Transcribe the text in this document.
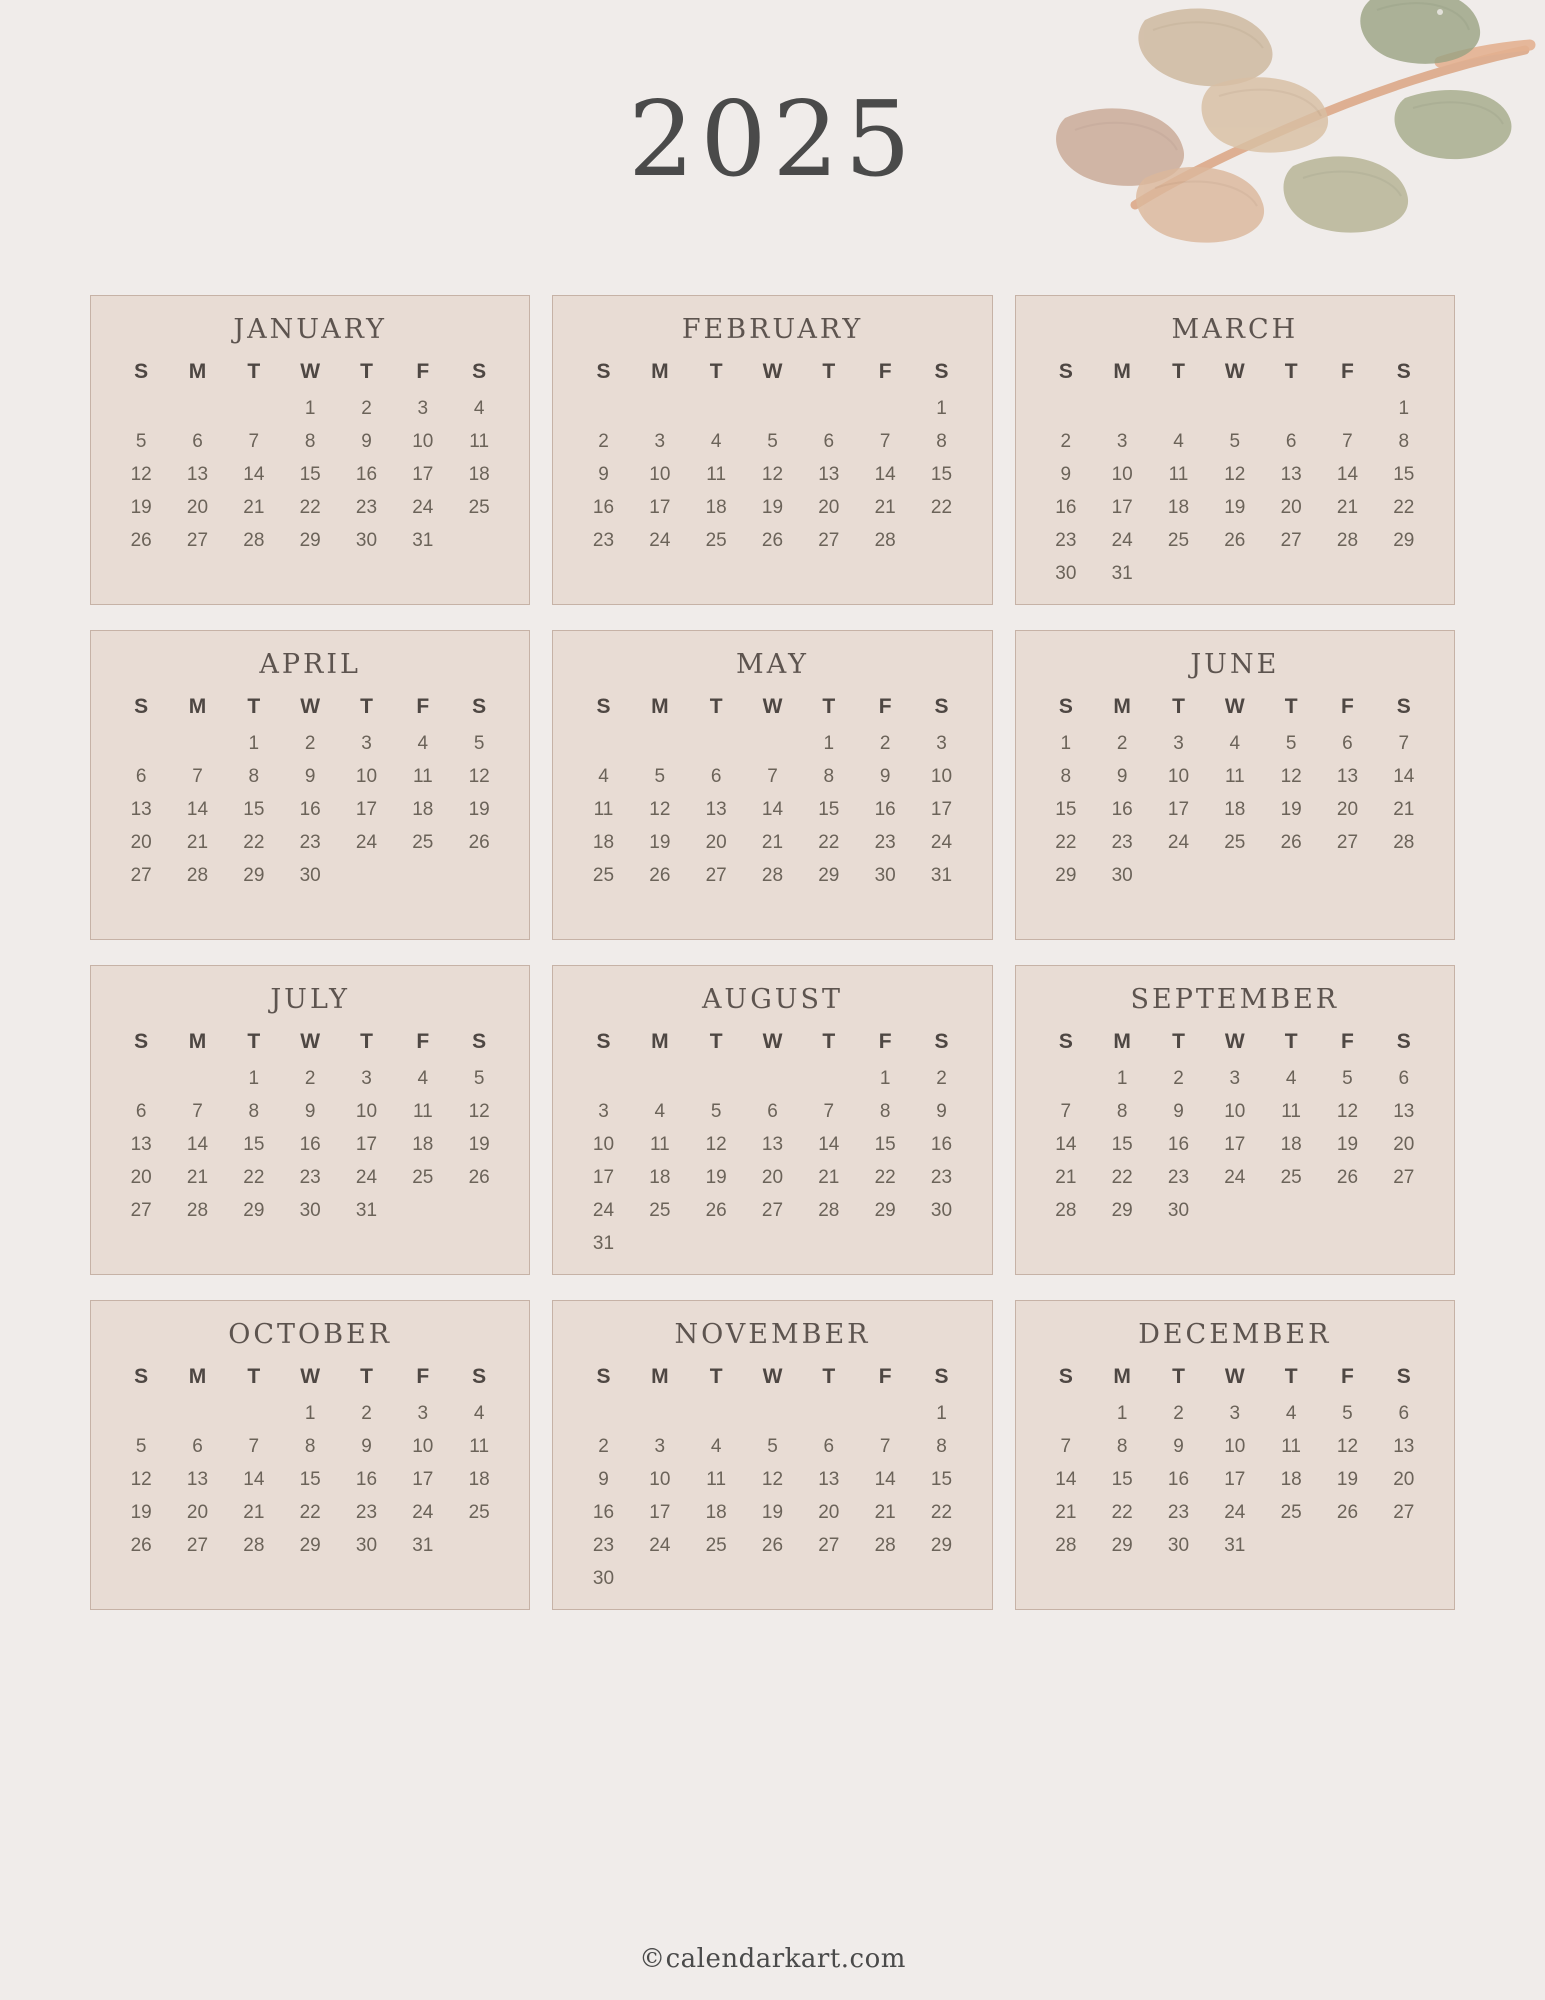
2025
JANUARY
S	M	T	W	T	F	S
			1	2	3	4
5	6	7	8	9	10	11
12	13	14	15	16	17	18
19	20	21	22	23	24	25
26	27	28	29	30	31	

FEBRUARY
S	M	T	W	T	F	S
						1
2	3	4	5	6	7	8
9	10	11	12	13	14	15
16	17	18	19	20	21	22
23	24	25	26	27	28	

MARCH
S	M	T	W	T	F	S
						1
2	3	4	5	6	7	8
9	10	11	12	13	14	15
16	17	18	19	20	21	22
23	24	25	26	27	28	29
30	31					
APRIL
S	M	T	W	T	F	S
		1	2	3	4	5
6	7	8	9	10	11	12
13	14	15	16	17	18	19
20	21	22	23	24	25	26
27	28	29	30			

MAY
S	M	T	W	T	F	S
				1	2	3
4	5	6	7	8	9	10
11	12	13	14	15	16	17
18	19	20	21	22	23	24
25	26	27	28	29	30	31

JUNE
S	M	T	W	T	F	S
1	2	3	4	5	6	7
8	9	10	11	12	13	14
15	16	17	18	19	20	21
22	23	24	25	26	27	28
29	30					

JULY
S	M	T	W	T	F	S
		1	2	3	4	5
6	7	8	9	10	11	12
13	14	15	16	17	18	19
20	21	22	23	24	25	26
27	28	29	30	31		

AUGUST
S	M	T	W	T	F	S
					1	2
3	4	5	6	7	8	9
10	11	12	13	14	15	16
17	18	19	20	21	22	23
24	25	26	27	28	29	30
31						
SEPTEMBER
S	M	T	W	T	F	S
	1	2	3	4	5	6
7	8	9	10	11	12	13
14	15	16	17	18	19	20
21	22	23	24	25	26	27
28	29	30				

OCTOBER
S	M	T	W	T	F	S
			1	2	3	4
5	6	7	8	9	10	11
12	13	14	15	16	17	18
19	20	21	22	23	24	25
26	27	28	29	30	31	

NOVEMBER
S	M	T	W	T	F	S
						1
2	3	4	5	6	7	8
9	10	11	12	13	14	15
16	17	18	19	20	21	22
23	24	25	26	27	28	29
30						
DECEMBER
S	M	T	W	T	F	S
	1	2	3	4	5	6
7	8	9	10	11	12	13
14	15	16	17	18	19	20
21	22	23	24	25	26	27
28	29	30	31			

©calendarkart.com
